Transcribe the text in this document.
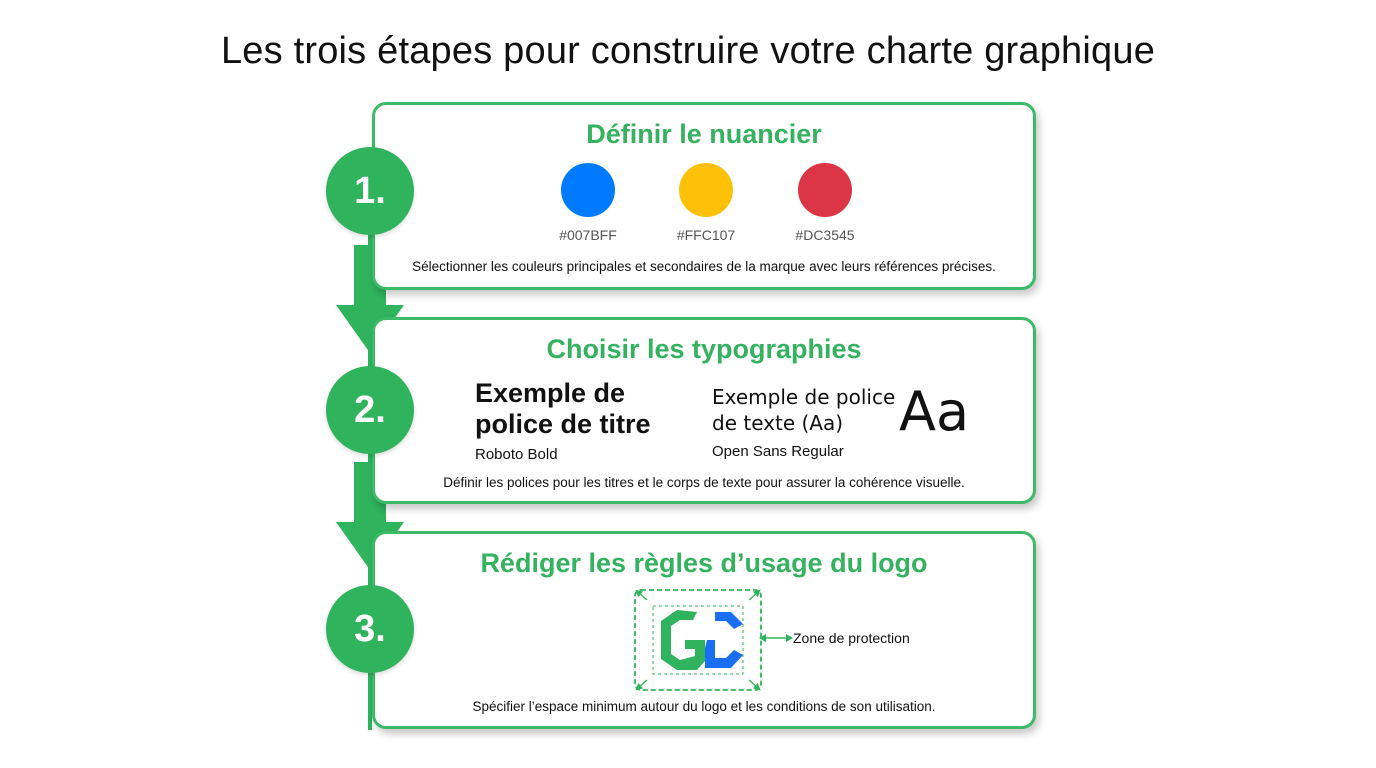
Les trois étapes pour construire votre charte graphique
Définir le nuancier
#007BFF	#FFC107	#DC3545
Sélectionner les couleurs principales et secondaires de la marque avec leurs références précises.
Choisir les typographies
Exemple de police de titre
Roboto Bold
Exemple de police de texte (Aa)
Open Sans Regular
Aa
Définir les polices pour les titres et le corps de texte pour assurer la cohérence visuelle.
Rédiger les règles d’usage du logo
Zone de protection
Spécifier l’espace minimum autour du logo et les conditions de son utilisation.
1.
2.
3.
